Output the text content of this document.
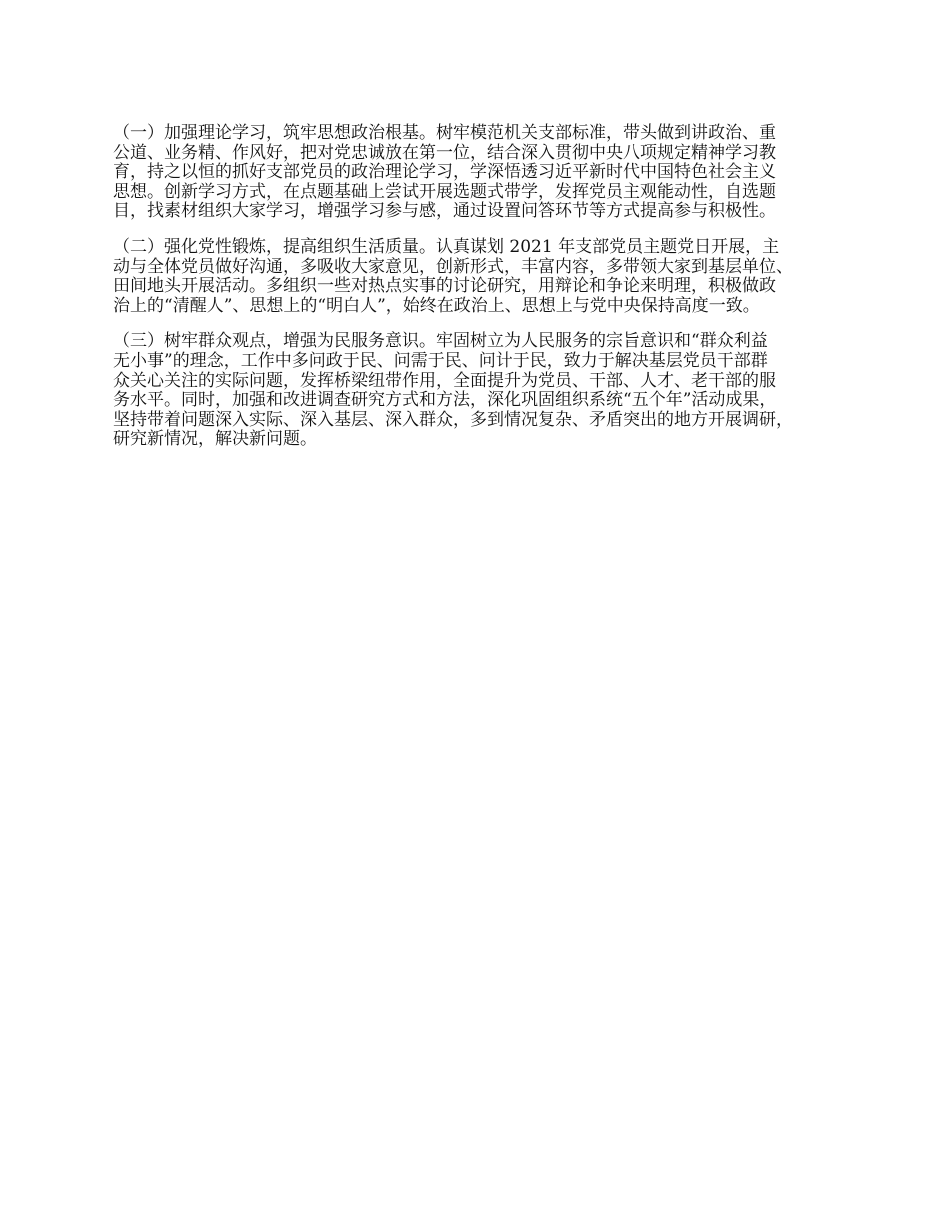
（一）加强理论学习，筑牢思想政治根基。树牢模范机关支部标准，带头做到讲政治、重
公道、业务精、作风好，把对党忠诚放在第一位，结合深入贯彻中央八项规定精神学习教
育，持之以恒的抓好支部党员的政治理论学习，学深悟透习近平新时代中国特色社会主义
思想。创新学习方式，在点题基础上尝试开展选题式带学，发挥党员主观能动性，自选题
目，找素材组织大家学习，增强学习参与感，通过设置问答环节等方式提高参与积极性。

（二）强化党性锻炼，提高组织生活质量。认真谋划 2021 年支部党员主题党日开展，主
动与全体党员做好沟通，多吸收大家意见，创新形式，丰富内容，多带领大家到基层单位、
田间地头开展活动。多组织一些对热点实事的讨论研究，用辩论和争论来明理，积极做政
治上的“清醒人”、思想上的“明白人”，始终在政治上、思想上与党中央保持高度一致。

（三）树牢群众观点，增强为民服务意识。牢固树立为人民服务的宗旨意识和“群众利益
无小事”的理念，工作中多问政于民、问需于民、问计于民，致力于解决基层党员干部群
众关心关注的实际问题，发挥桥梁纽带作用，全面提升为党员、干部、人才、老干部的服
务水平。同时，加强和改进调查研究方式和方法，深化巩固组织系统“五个年”活动成果，
坚持带着问题深入实际、深入基层、深入群众，多到情况复杂、矛盾突出的地方开展调研，
研究新情况，解决新问题。
